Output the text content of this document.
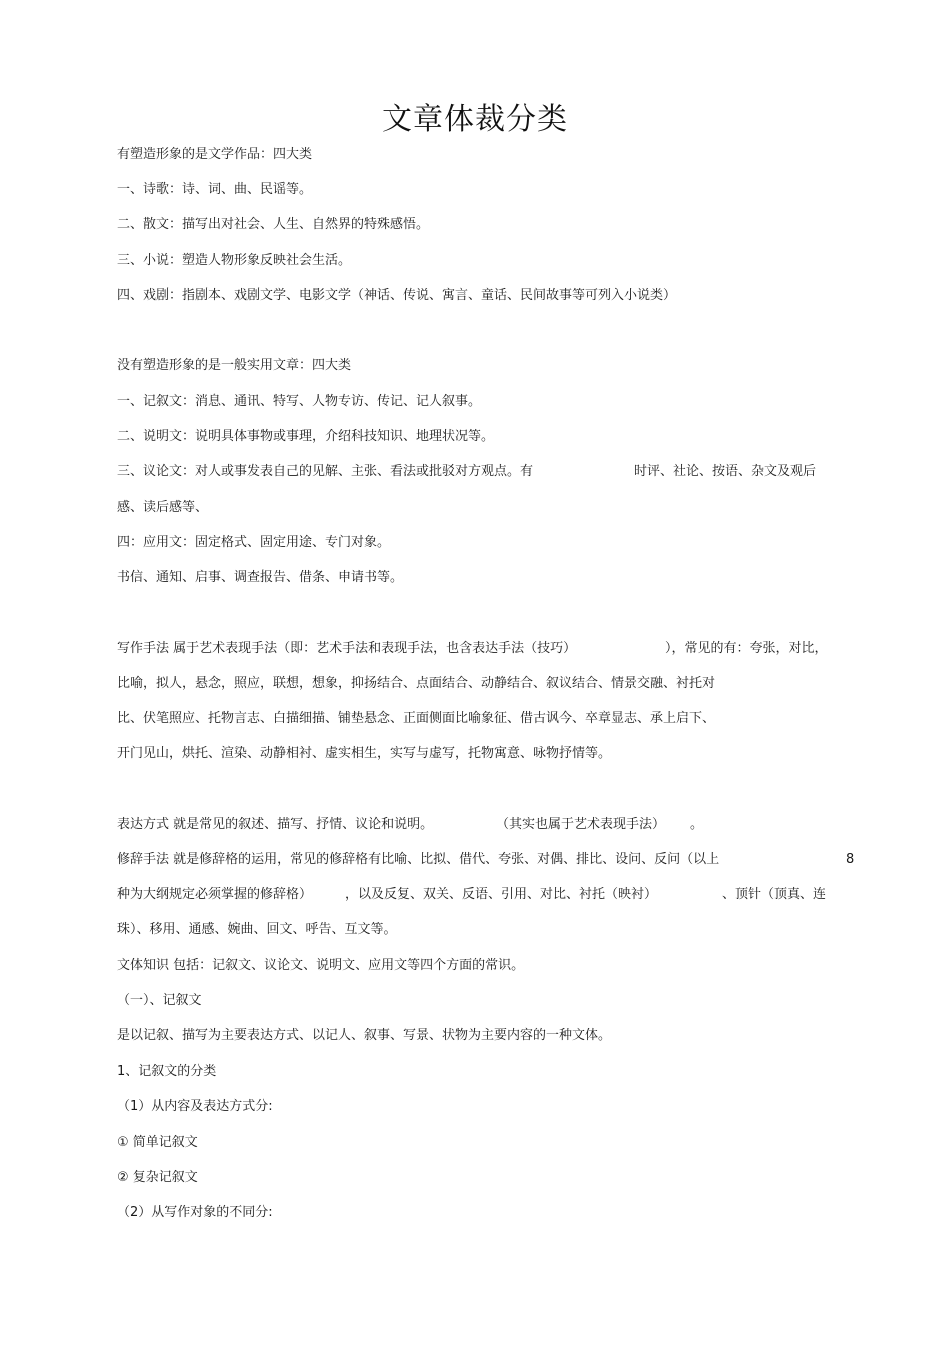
文章体裁分类
有塑造形象的是文学作品：四大类
一、诗歌：诗、词、曲、民谣等。
二、散文：描写出对社会、人生、自然界的特殊感悟。
三、小说：塑造人物形象反映社会生活。
四、戏剧：指剧本、戏剧文学、电影文学（神话、传说、寓言、童话、民间故事等可列入小说类）
没有塑造形象的是一般实用文章：四大类
一、记叙文：消息、通讯、特写、人物专访、传记、记人叙事。
二、说明文：说明具体事物或事理，介绍科技知识、地理状况等。
三、议论文：对人或事发表自己的见解、主张、看法或批驳对方观点。有	时评、社论、按语、杂文及观后
感、读后感等、
四：应用文：固定格式、固定用途、专门对象。
书信、通知、启事、调查报告、借条、申请书等。
写作手法 属于艺术表现手法（即：艺术手法和表现手法，也含表达手法（技巧）	），常见的有：夸张，对比，
比喻，拟人，悬念，照应，联想，想象，抑扬结合、点面结合、动静结合、叙议结合、情景交融、衬托对
比、伏笔照应、托物言志、白描细描、铺垫悬念、正面侧面比喻象征、借古讽今、卒章显志、承上启下、
开门见山，烘托、渲染、动静相衬、虚实相生，实写与虚写，托物寓意、咏物抒情等。
表达方式 就是常见的叙述、描写、抒情、议论和说明。	（其实也属于艺术表现手法） 。
修辞手法 就是修辞格的运用，常见的修辞格有比喻、比拟、借代、夸张、对偶、排比、设问、反问（以上	8
种为大纲规定必须掌握的修辞格）	，以及反复、双关、反语、引用、对比、衬托（映衬）	、顶针（顶真、连
珠）、移用、通感、婉曲、回文、呼告、互文等。
文体知识 包括：记叙文、议论文、说明文、应用文等四个方面的常识。
（一）、记叙文
是以记叙、描写为主要表达方式、以记人、叙事、写景、状物为主要内容的一种文体。
1、记叙文的分类
（1）从内容及表达方式分:
① 简单记叙文
② 复杂记叙文
（2）从写作对象的不同分:
